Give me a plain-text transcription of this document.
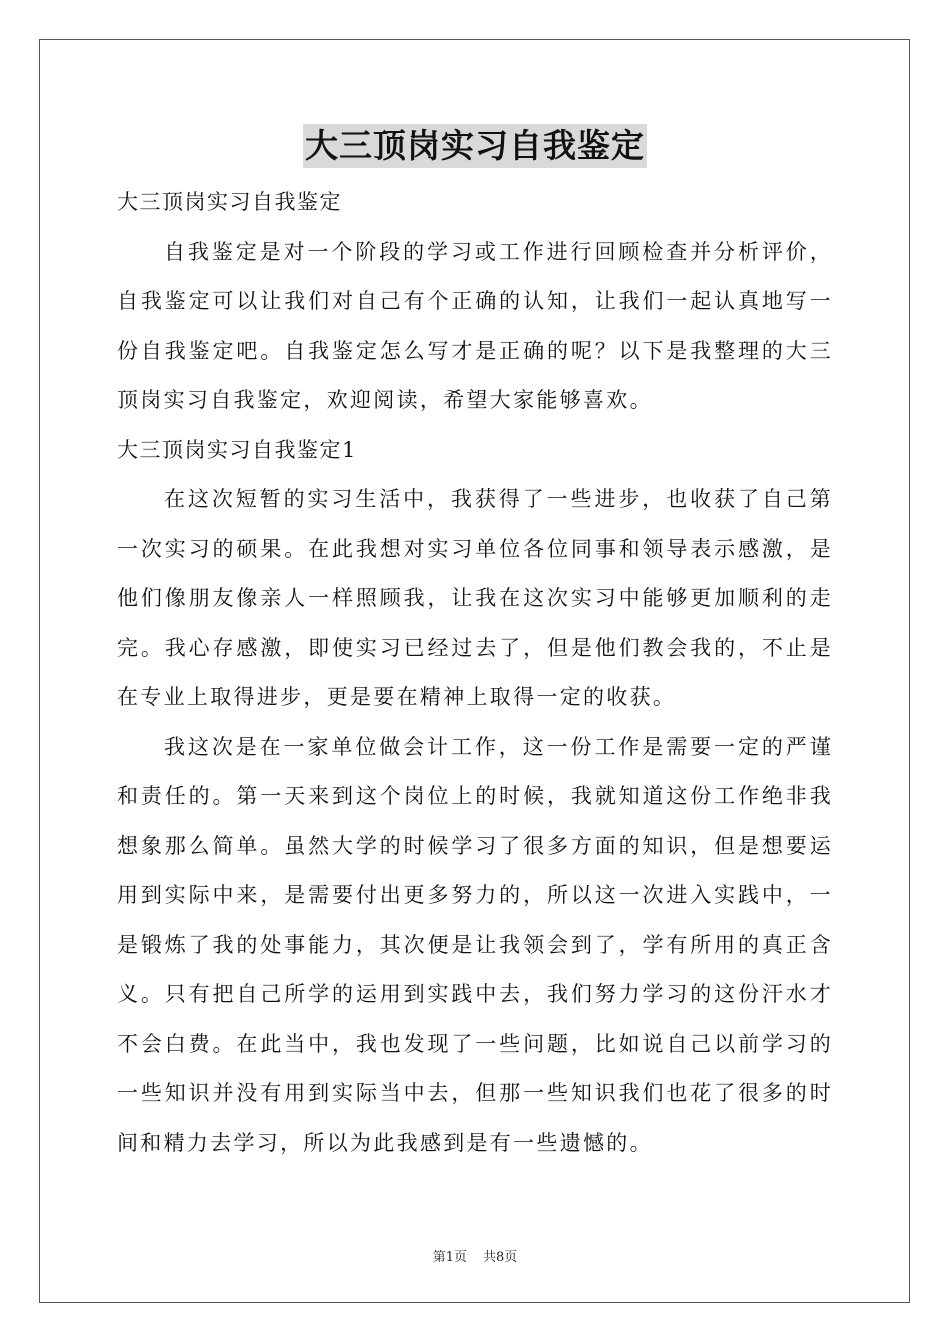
大三顶岗实习自我鉴定

大三顶岗实习自我鉴定

自我鉴定是对一个阶段的学习或工作进行回顾检查并分析评价，自我鉴定可以让我们对自己有个正确的认知，让我们一起认真地写一份自我鉴定吧。自我鉴定怎么写才是正确的呢？以下是我整理的大三顶岗实习自我鉴定，欢迎阅读，希望大家能够喜欢。

大三顶岗实习自我鉴定1

在这次短暂的实习生活中，我获得了一些进步，也收获了自己第一次实习的硕果。在此我想对实习单位各位同事和领导表示感激，是他们像朋友像亲人一样照顾我，让我在这次实习中能够更加顺利的走完。我心存感激，即使实习已经过去了，但是他们教会我的，不止是在专业上取得进步，更是要在精神上取得一定的收获。

我这次是在一家单位做会计工作，这一份工作是需要一定的严谨和责任的。第一天来到这个岗位上的时候，我就知道这份工作绝非我想象那么简单。虽然大学的时候学习了很多方面的知识，但是想要运用到实际中来，是需要付出更多努力的，所以这一次进入实践中，一是锻炼了我的处事能力，其次便是让我领会到了，学有所用的真正含义。只有把自己所学的运用到实践中去，我们努力学习的这份汗水才不会白费。在此当中，我也发现了一些问题，比如说自己以前学习的一些知识并没有用到实际当中去，但那一些知识我们也花了很多的时间和精力去学习，所以为此我感到是有一些遗憾的。

第1页 共8页
